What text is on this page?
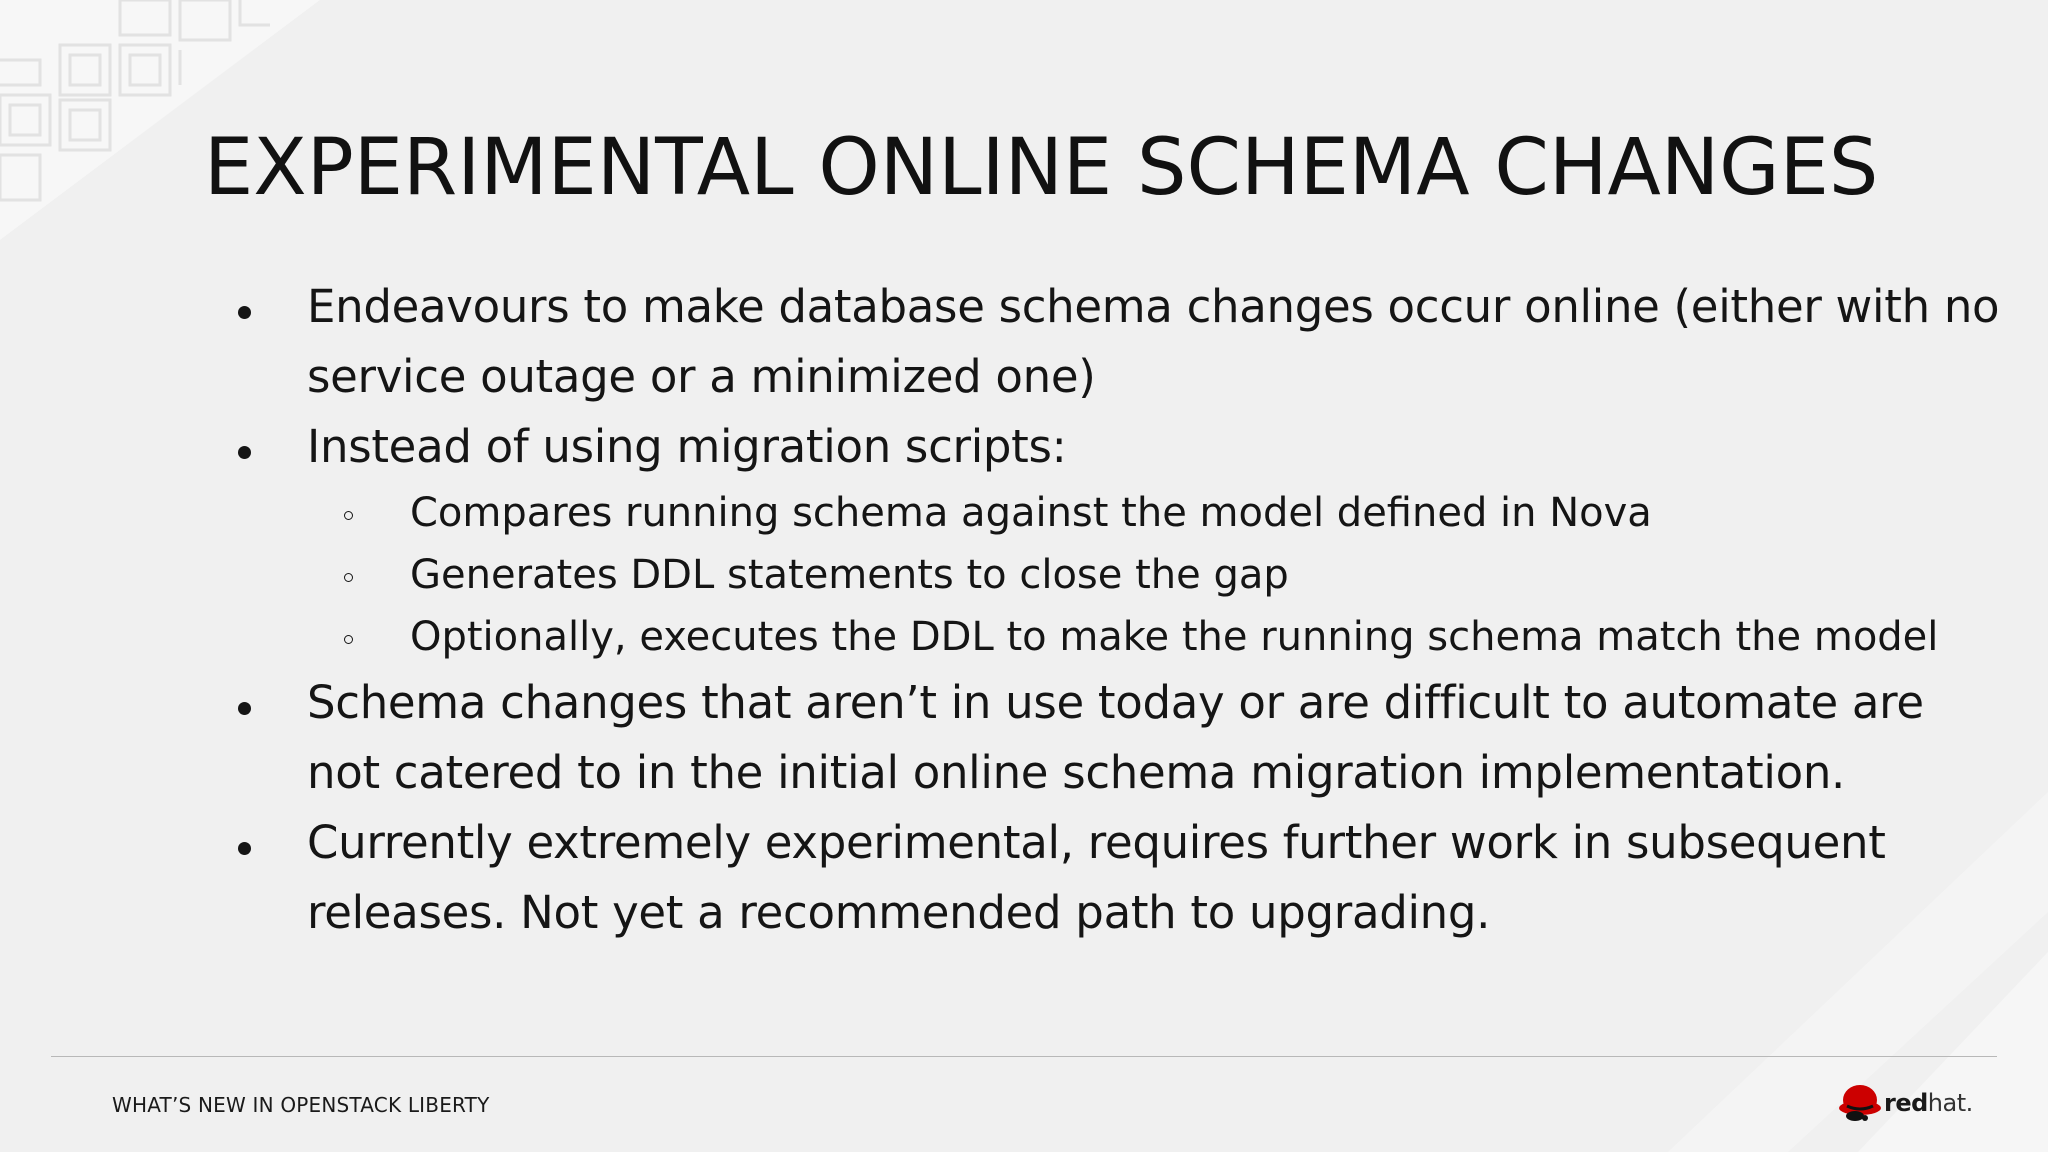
EXPERIMENTAL ONLINE SCHEMA CHANGES
Endeavours to make database schema changes occur online (either with no service outage or a minimized one)
Instead of using migration scripts:
Compares running schema against the model defined in Nova
Generates DDL statements to close the gap
Optionally, executes the DDL to make the running schema match the model
Schema changes that aren’t in use today or are difficult to automate are not catered to in the initial online schema migration implementation.
Currently extremely experimental, requires further work in subsequent releases. Not yet a recommended path to upgrading.
WHAT’S NEW IN OPENSTACK LIBERTY	redhat.
